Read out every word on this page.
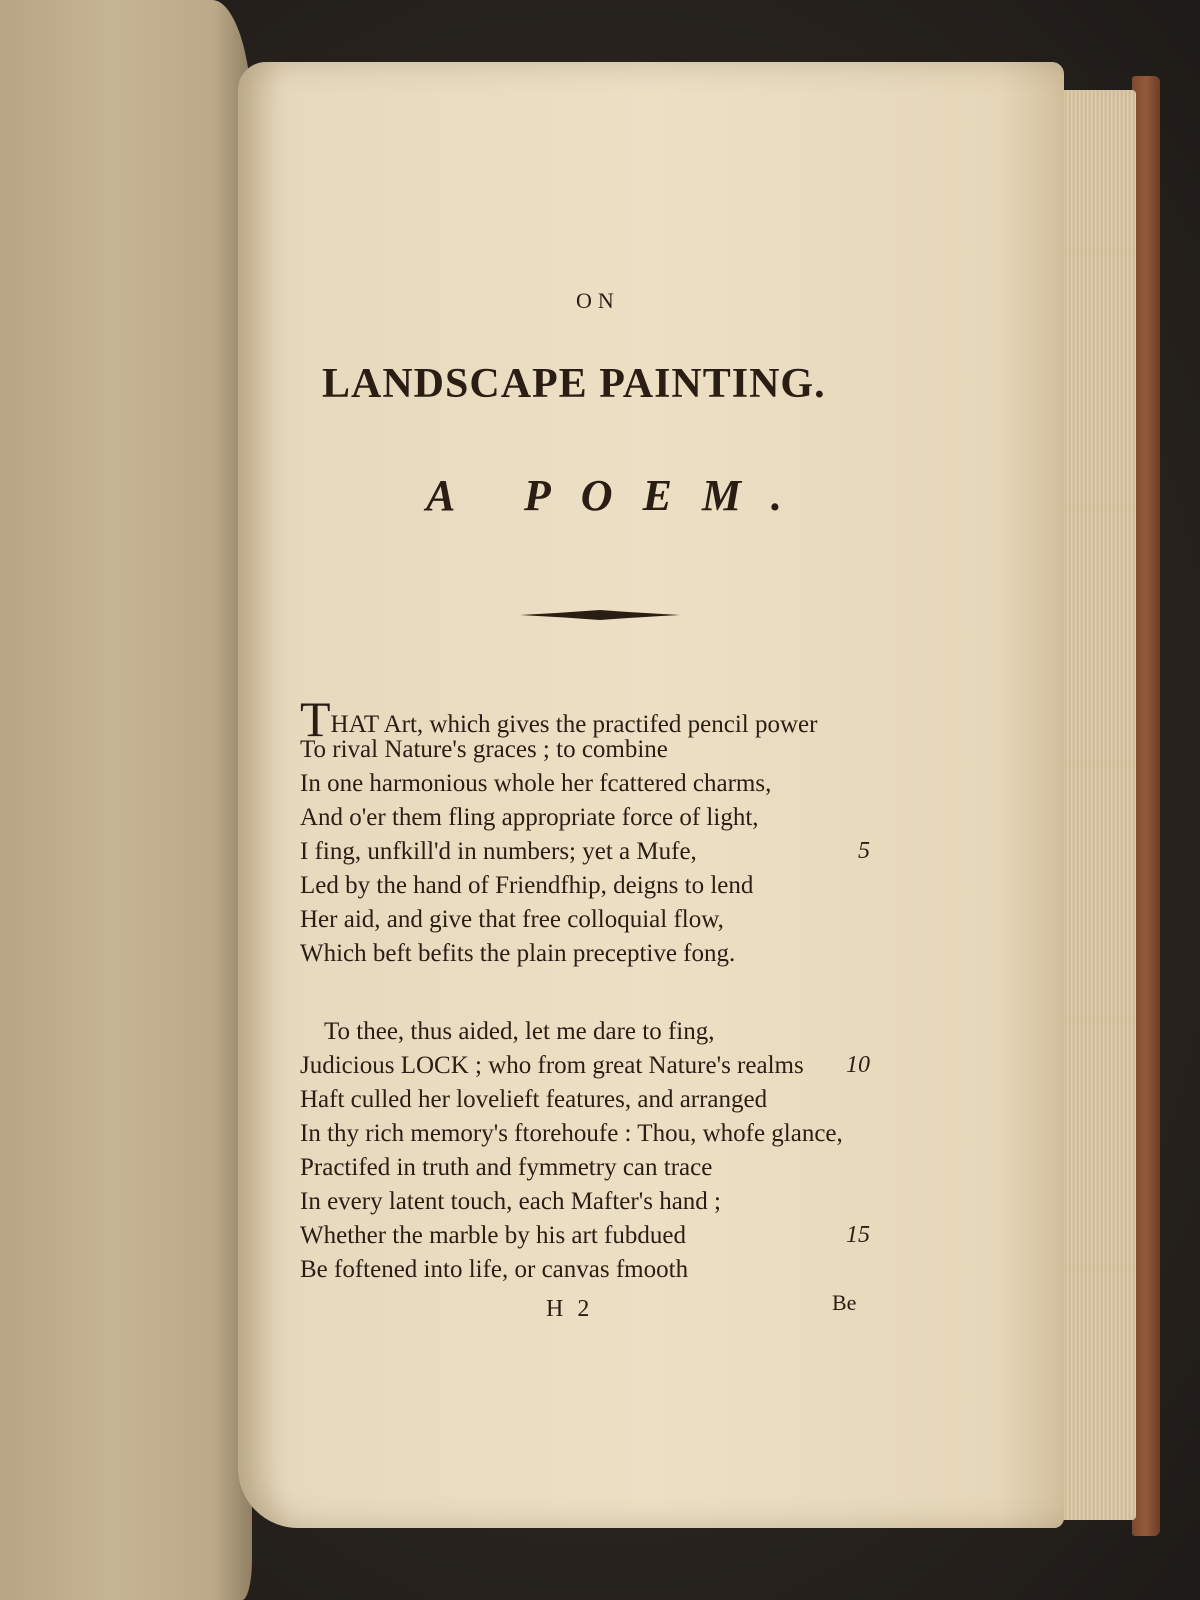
ON

LANDSCAPE PAINTING.
A POEM.
THAT Art, which gives the practifed pencil power
To rival Nature's graces ; to combine
In one harmonious whole her fcattered charms,
And o'er them fling appropriate force of light,
I fing, unfkill'd in numbers; yet a Mufe,	5
Led by the hand of Friendfhip, deigns to lend
Her aid, and give that free colloquial flow,
Which beft befits the plain preceptive fong.
To thee, thus aided, let me dare to fing,
Judicious LOCK ; who from great Nature's realms 10
Haft culled her lovelieft features, and arranged
In thy rich memory's ftorehoufe : Thou, whofe glance,
Practifed in truth and fymmetry can trace
In every latent touch, each Mafter's hand ;
Whether the marble by his art fubdued	15
Be foftened into life, or canvas fmooth

H 2	Be
